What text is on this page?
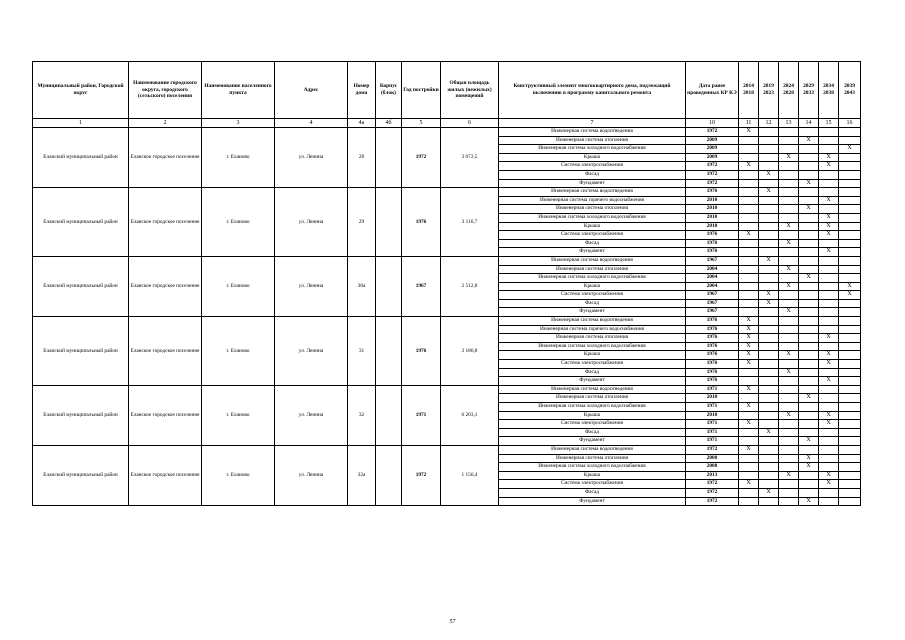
Муниципальный район, Городской округ	Наименование городского округа, городского (сельского) поселения	Наименование населенного пункта	Адрес	Номер дома	Корпус (блок)	Год постройки	Общая площадь жилых (нежилых) помещений	Конструктивный элемент многоквартирного дома, подлежащий включению в программу капитального ремонта	Дата ранее проведенных КР КЭ	2014 2018	2019 2023	2024 2028	2029 2033	2034 2038	2039 2043
1	2	3	4	4а	4б	5	6	7	10	11	12	13	14	15	16
Еланский муниципальный район	Еланское городское поселение	г. Еланово	ул. Ленина	28		1972	3 072,5	Инженерная система водоотведения	1972	X					
								Инженерная система отопления	2009				X		
								Инженерная система холодного водоснабжения	2009						X
								Крыша	2009			X		X	
								Система электроснабжения	1972	X				X	
								Фасад	1972		X				
								Фундамент	1972				X		
Еланский муниципальный район	Еланское городское поселение	г. Еланово	ул. Ленина	29		1976	3 116,7	Инженерная система водоотведения	1976		X				
								Инженерная система горячего водоснабжения	2010					X	
								Инженерная система отопления	2010				X		
								Инженерная система холодного водоснабжения	2010					X	
								Крыша	2010			X		X	
								Система электроснабжения	1976	X				X	
								Фасад	1976			X			
								Фундамент	1976					X	
Еланский муниципальный район	Еланское городское поселение	г. Еланово	ул. Ленина	30а		1967	2 512,8	Инженерная система водоотведения	1967		X				
								Инженерная система отопления	2004			X			
								Инженерная система холодного водоснабжения	2004				X		
								Крыша	2004			X			X
								Система электроснабжения	1967		X				X
								Фасад	1967		X				
								Фундамент	1967			X			
Еланский муниципальный район	Еланское городское поселение	г. Еланово	ул. Ленина	31		1976	3 186,8	Инженерная система водоотведения	1976	X					
								Инженерная система горячего водоснабжения	1976	X					
								Инженерная система отопления	1976	X				X	
								Инженерная система холодного водоснабжения	1976	X					
								Крыша	1976	X		X		X	
								Система электроснабжения	1976	X				X	
								Фасад	1976			X			
								Фундамент	1976					X	
Еланский муниципальный район	Еланское городское поселение	г. Еланово	ул. Ленина	32		1971	6 203,1	Инженерная система водоотведения	1971	X					
								Инженерная система отопления	2010				X		
								Инженерная система холодного водоснабжения	1971	X					
								Крыша	2010			X		X	
								Система электроснабжения	1971	X				X	
								Фасад	1971		X				
								Фундамент	1971				X		
Еланский муниципальный район	Еланское городское поселение	г. Еланово	ул. Ленина	32а		1972	1 156,4	Инженерная система водоотведения	1972	X					
								Инженерная система отопления	2008				X		
								Инженерная система холодного водоснабжения	2008				X		
								Крыша	2013			X		X	
								Система электроснабжения	1972	X				X	
								Фасад	1972		X				
								Фундамент	1972				X		
57
